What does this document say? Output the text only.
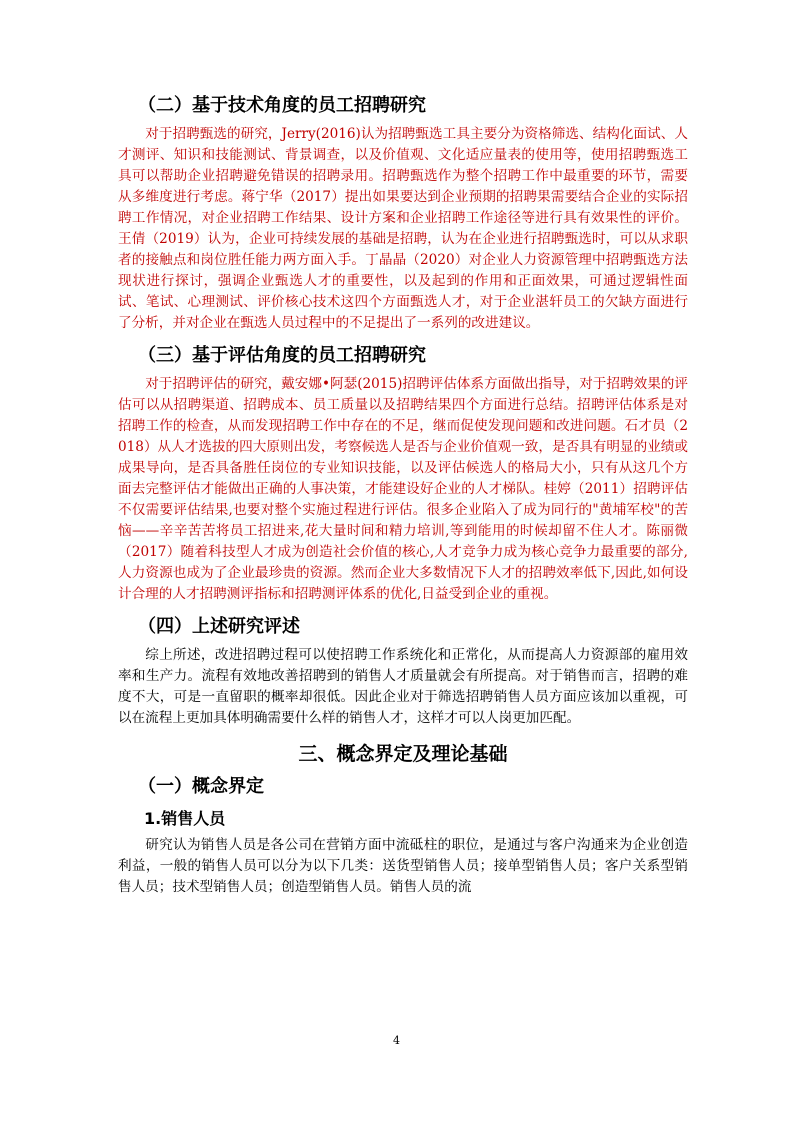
（二）基于技术角度的员工招聘研究

对于招聘甄选的研究，Jerry(2016)认为招聘甄选工具主要分为资格筛选、结构化面试、人才测评、知识和技能测试、背景调查，以及价值观、文化适应量表的使用等，使用招聘甄选工具可以帮助企业招聘避免错误的招聘录用。招聘甄选作为整个招聘工作中最重要的环节，需要从多维度进行考虑。蒋宁华（2017）提出如果要达到企业预期的招聘果需要结合企业的实际招聘工作情况，对企业招聘工作结果、设计方案和企业招聘工作途径等进行具有效果性的评价。王倩（2019）认为，企业可持续发展的基础是招聘，认为在企业进行招聘甄选时，可以从求职者的接触点和岗位胜任能力两方面入手。丁晶晶（2020）对企业人力资源管理中招聘甄选方法现状进行探讨，强调企业甄选人才的重要性，以及起到的作用和正面效果，可通过逻辑性面试、笔试、心理测试、评价核心技术这四个方面甄选人才，对于企业湛轩员工的欠缺方面进行了分析，并对企业在甄选人员过程中的不足提出了一系列的改进建议。

（三）基于评估角度的员工招聘研究

对于招聘评估的研究，戴安娜•阿瑟(2015)招聘评估体系方面做出指导，对于招聘效果的评估可以从招聘渠道、招聘成本、员工质量以及招聘结果四个方面进行总结。招聘评估体系是对招聘工作的检查，从而发现招聘工作中存在的不足，继而促使发现问题和改进问题。石才员（2018）从人才选拔的四大原则出发，考察候选人是否与企业价值观一致，是否具有明显的业绩或成果导向，是否具备胜任岗位的专业知识技能，以及评估候选人的格局大小，只有从这几个方面去完整评估才能做出正确的人事决策，才能建设好企业的人才梯队。桂婷（2011）招聘评估不仅需要评估结果,也要对整个实施过程进行评估。很多企业陷入了成为同行的"黄埔军校"的苦恼——辛辛苦苦将员工招进来,花大量时间和精力培训,等到能用的时候却留不住人才。陈丽微（2017）随着科技型人才成为创造社会价值的核心,人才竞争力成为核心竞争力最重要的部分,人力资源也成为了企业最珍贵的资源。然而企业大多数情况下人才的招聘效率低下,因此,如何设计合理的人才招聘测评指标和招聘测评体系的优化,日益受到企业的重视。

（四）上述研究评述

综上所述，改进招聘过程可以使招聘工作系统化和正常化，从而提高人力资源部的雇用效率和生产力。流程有效地改善招聘到的销售人才质量就会有所提高。对于销售而言，招聘的难度不大，可是一直留职的概率却很低。因此企业对于筛选招聘销售人员方面应该加以重视，可以在流程上更加具体明确需要什么样的销售人才，这样才可以人岗更加匹配。

三、概念界定及理论基础
（一）概念界定
1.销售人员

研究认为销售人员是各公司在营销方面中流砥柱的职位，是通过与客户沟通来为企业创造利益，一般的销售人员可以分为以下几类：送货型销售人员；接单型销售人员；客户关系型销售人员；技术型销售人员；创造型销售人员。销售人员的流

4
